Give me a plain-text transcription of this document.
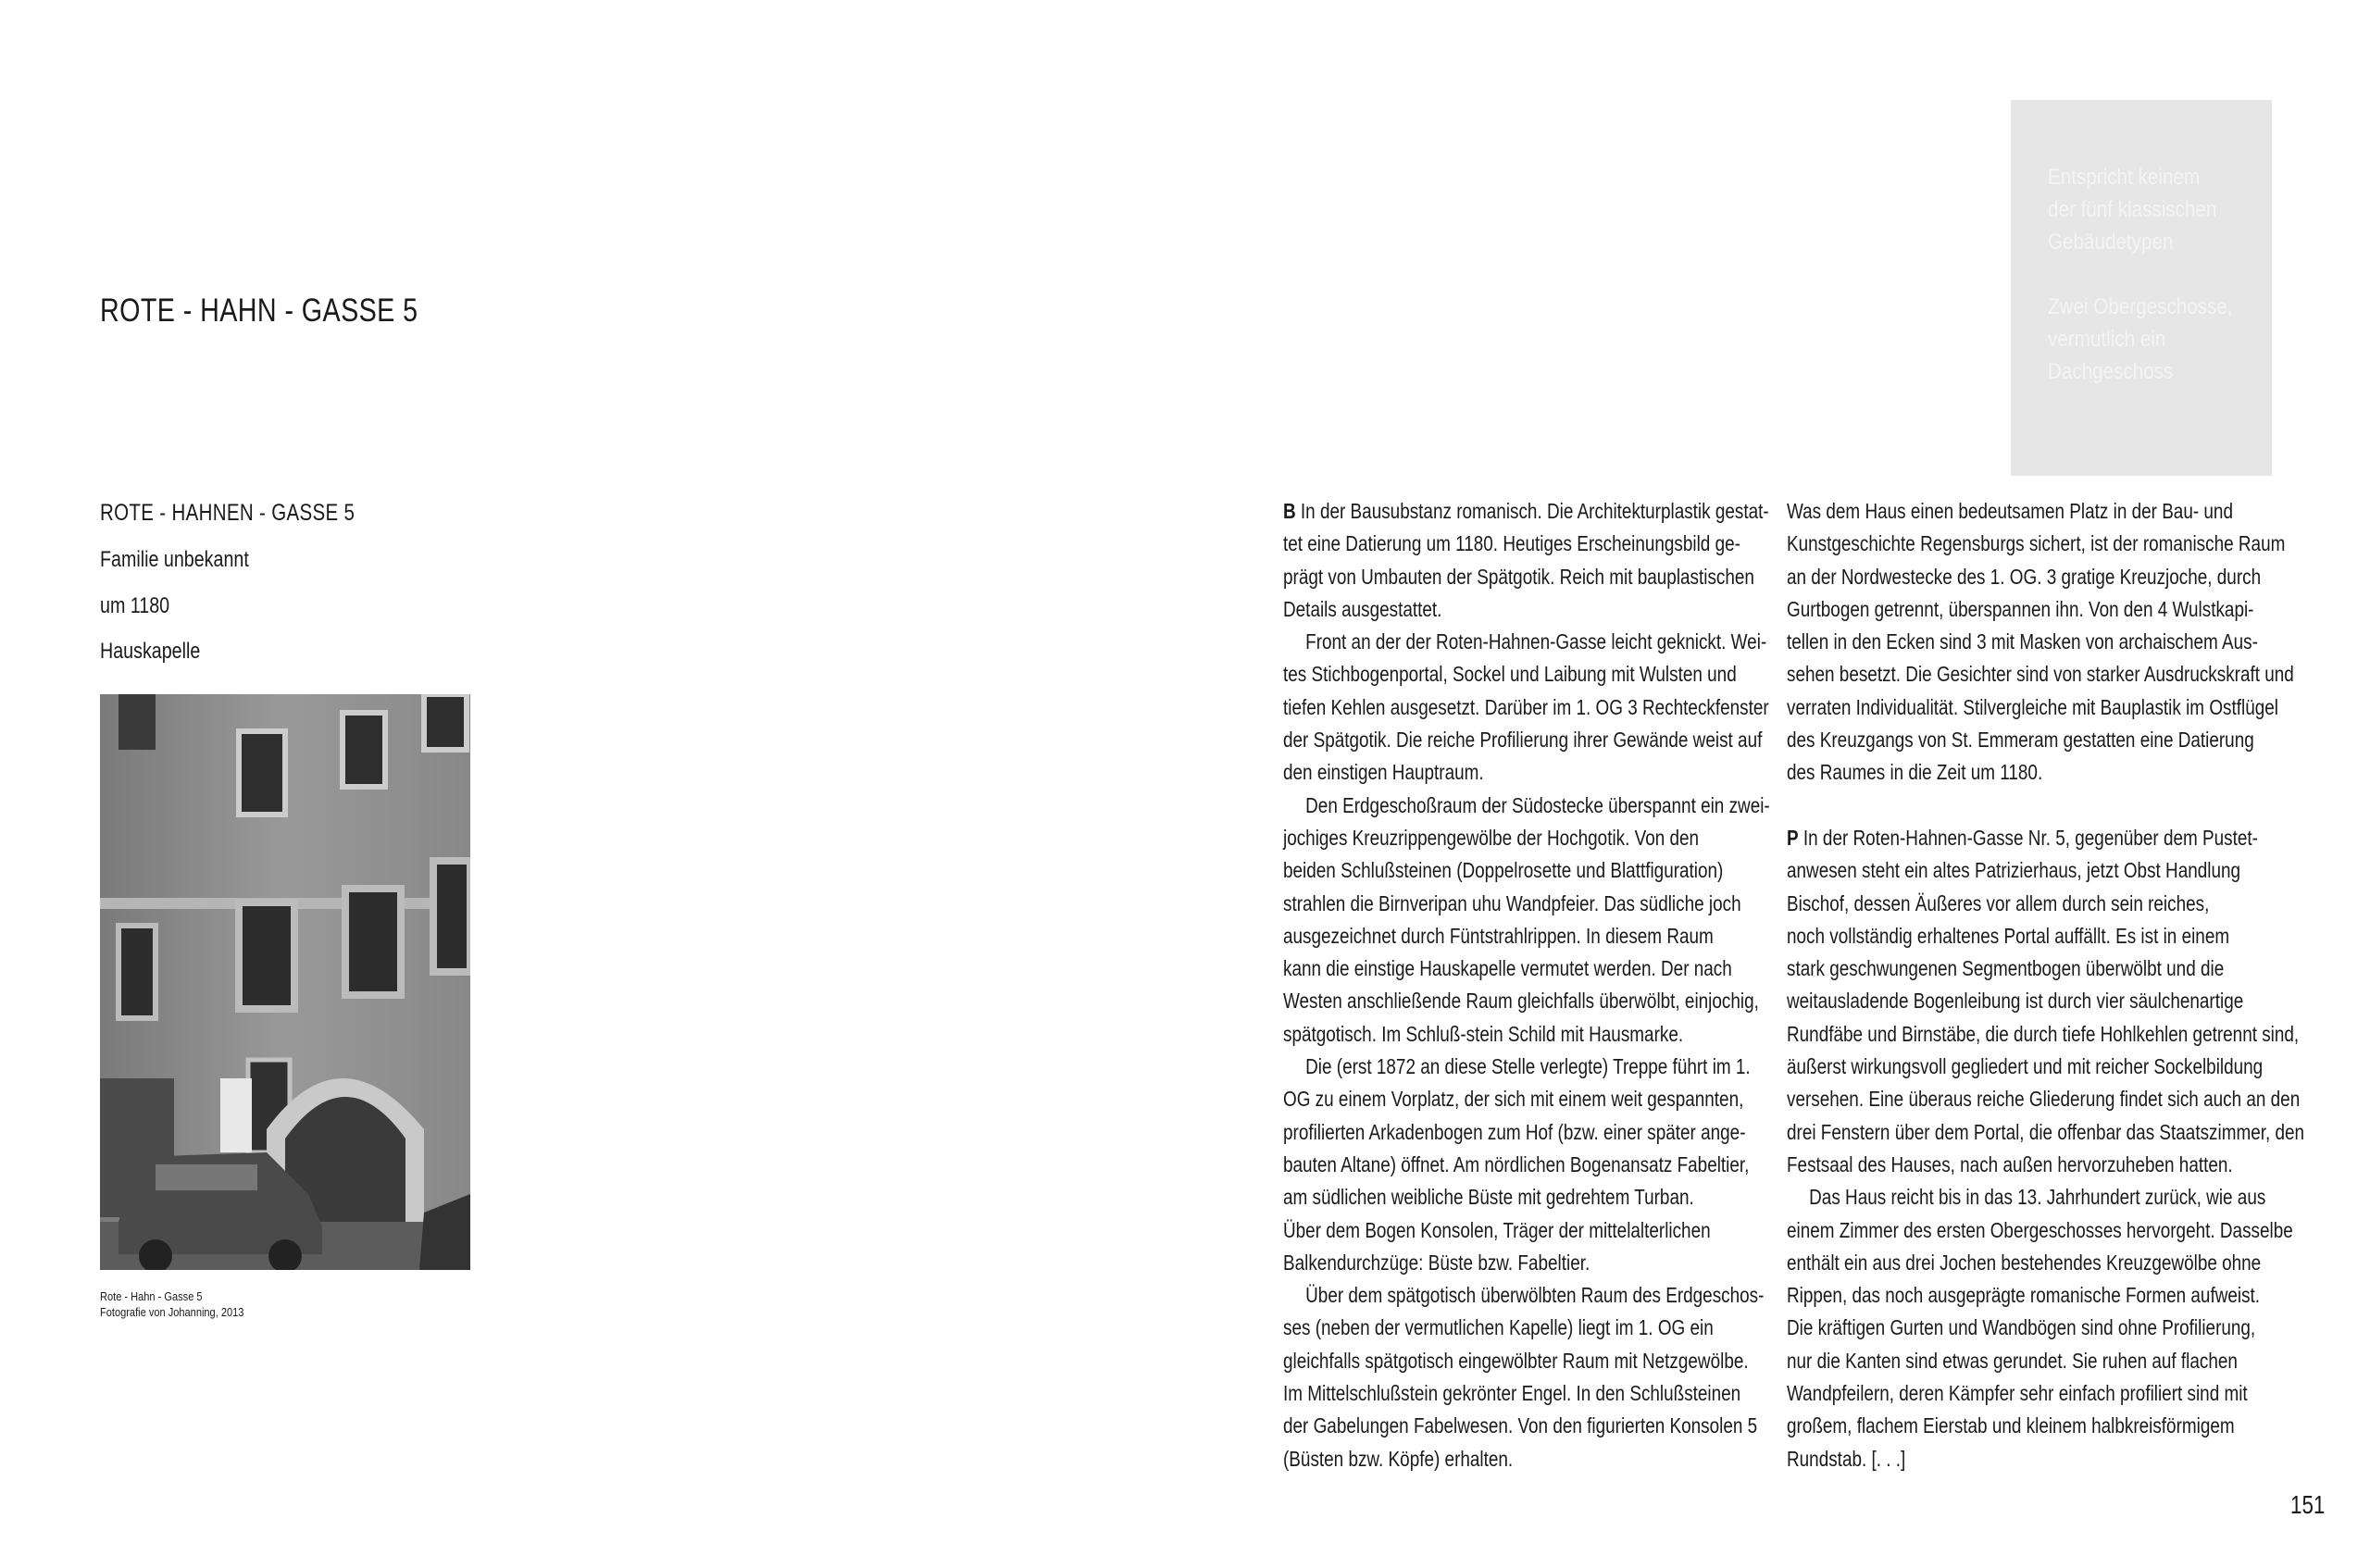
ROTE - HAHN - GASSE 5
Entspricht keinem
der fünf klassischen
Gebäudetypen
Zwei Obergeschosse,
vermutlich ein
Dachgeschoss
ROTE - HAHNEN - GASSE 5
Familie unbekannt
um 1180
Hauskapelle
Rote - Hahn - Gasse 5
Fotografie von Johanning, 2013
B In der Bausubstanz romanisch. Die Architekturplastik gestat-
tet eine Datierung um 1180. Heutiges Erscheinungsbild ge-
prägt von Umbauten der Spätgotik. Reich mit bauplastischen
Details ausgestattet.
Front an der der Roten-Hahnen-Gasse leicht geknickt. Wei-
tes Stichbogenportal, Sockel und Laibung mit Wulsten und
tiefen Kehlen ausgesetzt. Darüber im 1. OG 3 Rechteckfenster
der Spätgotik. Die reiche Profilierung ihrer Gewände weist auf
den einstigen Hauptraum.
Den Erdgeschoßraum der Südostecke überspannt ein zwei-
jochiges Kreuzrippengewölbe der Hochgotik. Von den
beiden Schlußsteinen (Doppelrosette und Blattfiguration)
strahlen die Birnveripan uhu Wandpfeier. Das südliche joch
ausgezeichnet durch Füntstrahlrippen. In diesem Raum
kann die einstige Hauskapelle vermutet werden. Der nach
Westen anschließende Raum gleichfalls überwölbt, einjochig,
spätgotisch. Im Schluß-stein Schild mit Hausmarke.
Die (erst 1872 an diese Stelle verlegte) Treppe führt im 1.
OG zu einem Vorplatz, der sich mit einem weit gespannten,
profilierten Arkadenbogen zum Hof (bzw. einer später ange-
bauten Altane) öffnet. Am nördlichen Bogenansatz Fabeltier,
am südlichen weibliche Büste mit gedrehtem Turban.
Über dem Bogen Konsolen, Träger der mittelalterlichen
Balkendurchzüge: Büste bzw. Fabeltier.
Über dem spätgotisch überwölbten Raum des Erdgeschos-
ses (neben der vermutlichen Kapelle) liegt im 1. OG ein
gleichfalls spätgotisch eingewölbter Raum mit Netzgewölbe.
Im Mittelschlußstein gekrönter Engel. In den Schlußsteinen
der Gabelungen Fabelwesen. Von den figurierten Konsolen 5
(Büsten bzw. Köpfe) erhalten.
Was dem Haus einen bedeutsamen Platz in der Bau- und
Kunstgeschichte Regensburgs sichert, ist der romanische Raum
an der Nordwestecke des 1. OG. 3 gratige Kreuzjoche, durch
Gurtbogen getrennt, überspannen ihn. Von den 4 Wulstkapi-
tellen in den Ecken sind 3 mit Masken von archaischem Aus-
sehen besetzt. Die Gesichter sind von starker Ausdruckskraft und
verraten Individualität. Stilvergleiche mit Bauplastik im Ostflügel
des Kreuzgangs von St. Emmeram gestatten eine Datierung
des Raumes in die Zeit um 1180.
P In der Roten-Hahnen-Gasse Nr. 5, gegenüber dem Pustet-
anwesen steht ein altes Patrizierhaus, jetzt Obst Handlung
Bischof, dessen Äußeres vor allem durch sein reiches,
noch vollständig erhaltenes Portal auffällt. Es ist in einem
stark geschwungenen Segmentbogen überwölbt und die
weitausladende Bogenleibung ist durch vier säulchenartige
Rundfäbe und Birnstäbe, die durch tiefe Hohlkehlen getrennt sind,
äußerst wirkungsvoll gegliedert und mit reicher Sockelbildung
versehen. Eine überaus reiche Gliederung findet sich auch an den
drei Fenstern über dem Portal, die offenbar das Staatszimmer, den
Festsaal des Hauses, nach außen hervorzuheben hatten.
Das Haus reicht bis in das 13. Jahrhundert zurück, wie aus
einem Zimmer des ersten Obergeschosses hervorgeht. Dasselbe
enthält ein aus drei Jochen bestehendes Kreuzgewölbe ohne
Rippen, das noch ausgeprägte romanische Formen aufweist.
Die kräftigen Gurten und Wandbögen sind ohne Profilierung,
nur die Kanten sind etwas gerundet. Sie ruhen auf flachen
Wandpfeilern, deren Kämpfer sehr einfach profiliert sind mit
großem, flachem Eierstab und kleinem halbkreisförmigem
Rundstab. [. . .]
151
